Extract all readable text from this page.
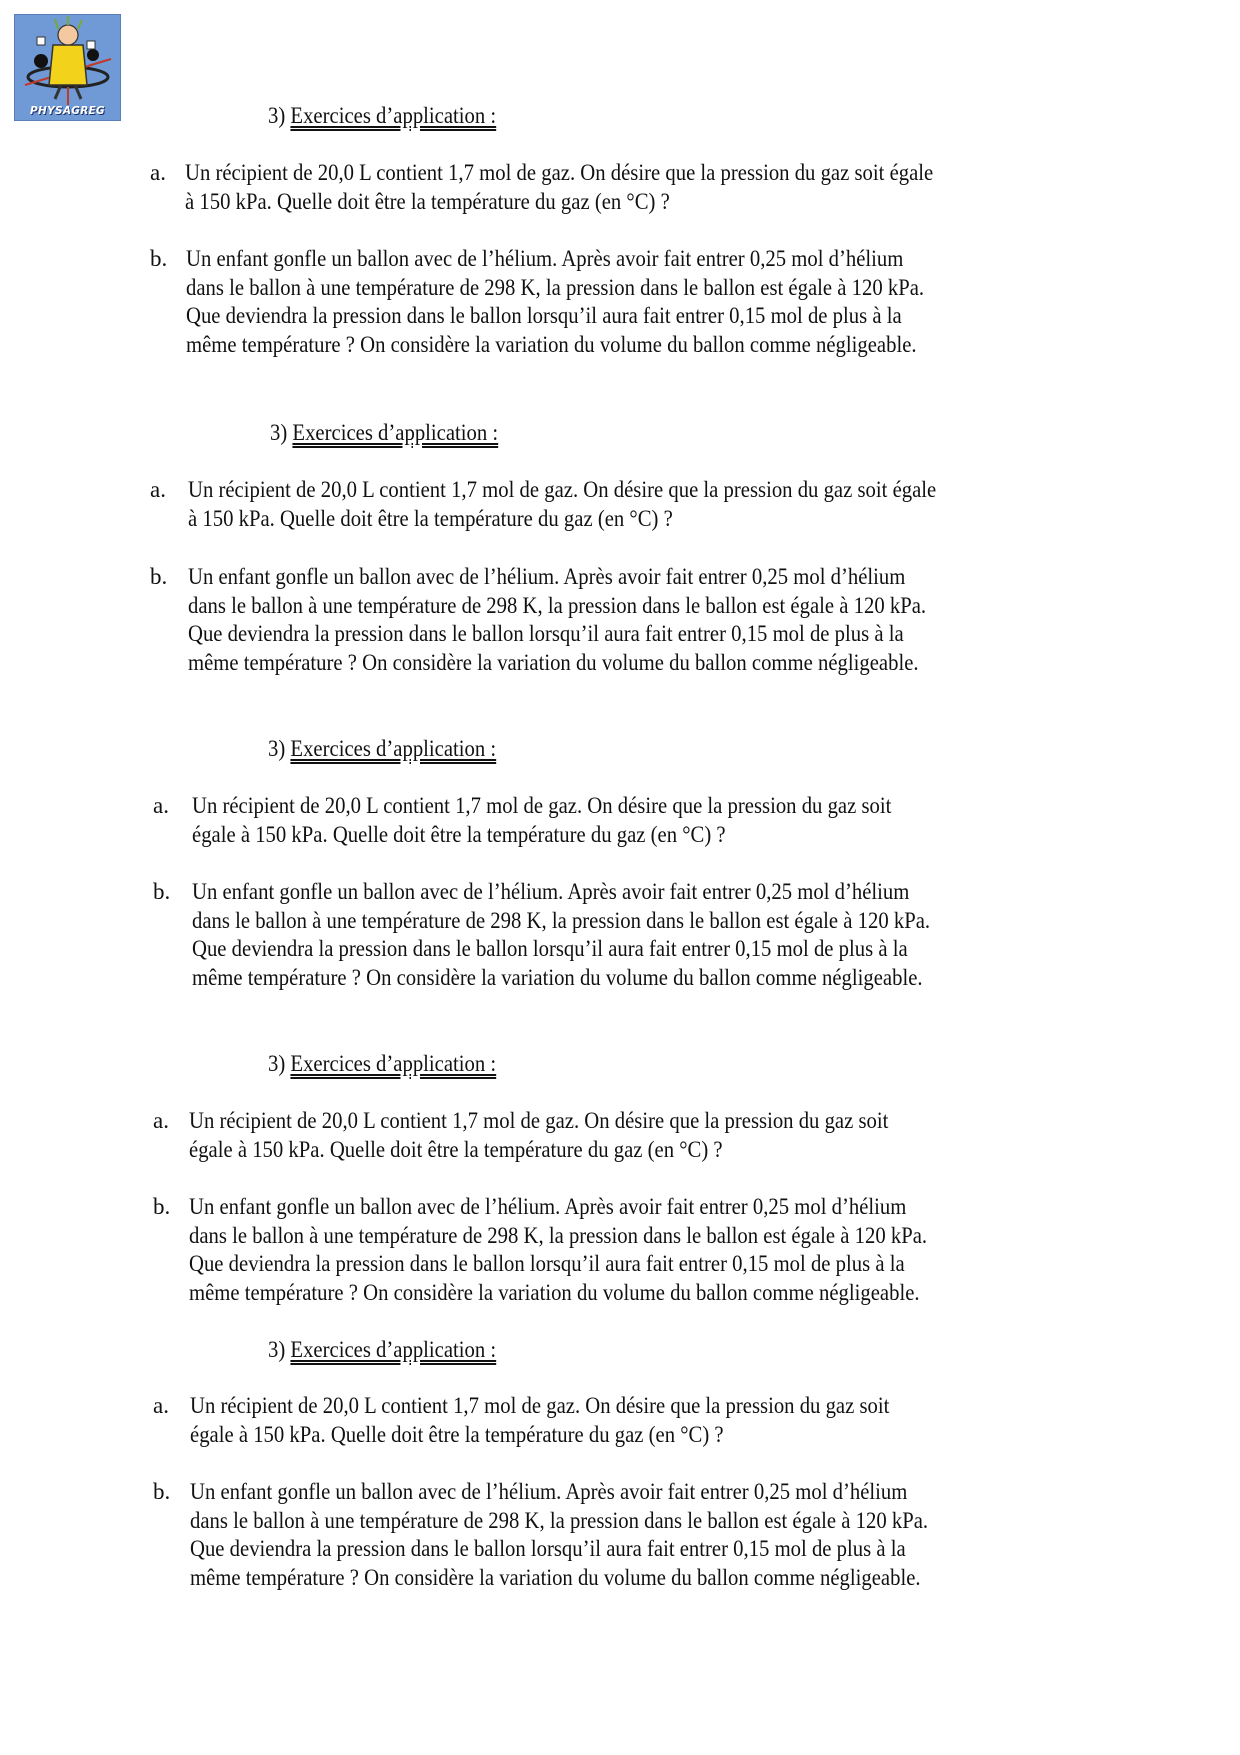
PHYSAGREG	3) Exercices d’application :
a. Un récipient de 20,0 L contient 1,7 mol de gaz. On désire que la pression du gaz soit égale
à 150 kPa. Quelle doit être la température du gaz (en °C) ?
b. Un enfant gonfle un ballon avec de l’hélium. Après avoir fait entrer 0,25 mol d’hélium
dans le ballon à une température de 298 K, la pression dans le ballon est égale à 120 kPa.
Que deviendra la pression dans le ballon lorsqu’il aura fait entrer 0,15 mol de plus à la
même température ? On considère la variation du volume du ballon comme négligeable.
3) Exercices d’application :
a. Un récipient de 20,0 L contient 1,7 mol de gaz. On désire que la pression du gaz soit égale
à 150 kPa. Quelle doit être la température du gaz (en °C) ?
b. Un enfant gonfle un ballon avec de l’hélium. Après avoir fait entrer 0,25 mol d’hélium
dans le ballon à une température de 298 K, la pression dans le ballon est égale à 120 kPa.
Que deviendra la pression dans le ballon lorsqu’il aura fait entrer 0,15 mol de plus à la
même température ? On considère la variation du volume du ballon comme négligeable.
3) Exercices d’application :
a. Un récipient de 20,0 L contient 1,7 mol de gaz. On désire que la pression du gaz soit
égale à 150 kPa. Quelle doit être la température du gaz (en °C) ?
b. Un enfant gonfle un ballon avec de l’hélium. Après avoir fait entrer 0,25 mol d’hélium
dans le ballon à une température de 298 K, la pression dans le ballon est égale à 120 kPa.
Que deviendra la pression dans le ballon lorsqu’il aura fait entrer 0,15 mol de plus à la
même température ? On considère la variation du volume du ballon comme négligeable.
3) Exercices d’application :
a. Un récipient de 20,0 L contient 1,7 mol de gaz. On désire que la pression du gaz soit
égale à 150 kPa. Quelle doit être la température du gaz (en °C) ?
b. Un enfant gonfle un ballon avec de l’hélium. Après avoir fait entrer 0,25 mol d’hélium
dans le ballon à une température de 298 K, la pression dans le ballon est égale à 120 kPa.
Que deviendra la pression dans le ballon lorsqu’il aura fait entrer 0,15 mol de plus à la
même température ? On considère la variation du volume du ballon comme négligeable.
3) Exercices d’application :
a. Un récipient de 20,0 L contient 1,7 mol de gaz. On désire que la pression du gaz soit
égale à 150 kPa. Quelle doit être la température du gaz (en °C) ?
b. Un enfant gonfle un ballon avec de l’hélium. Après avoir fait entrer 0,25 mol d’hélium
dans le ballon à une température de 298 K, la pression dans le ballon est égale à 120 kPa.
Que deviendra la pression dans le ballon lorsqu’il aura fait entrer 0,15 mol de plus à la
même température ? On considère la variation du volume du ballon comme négligeable.
